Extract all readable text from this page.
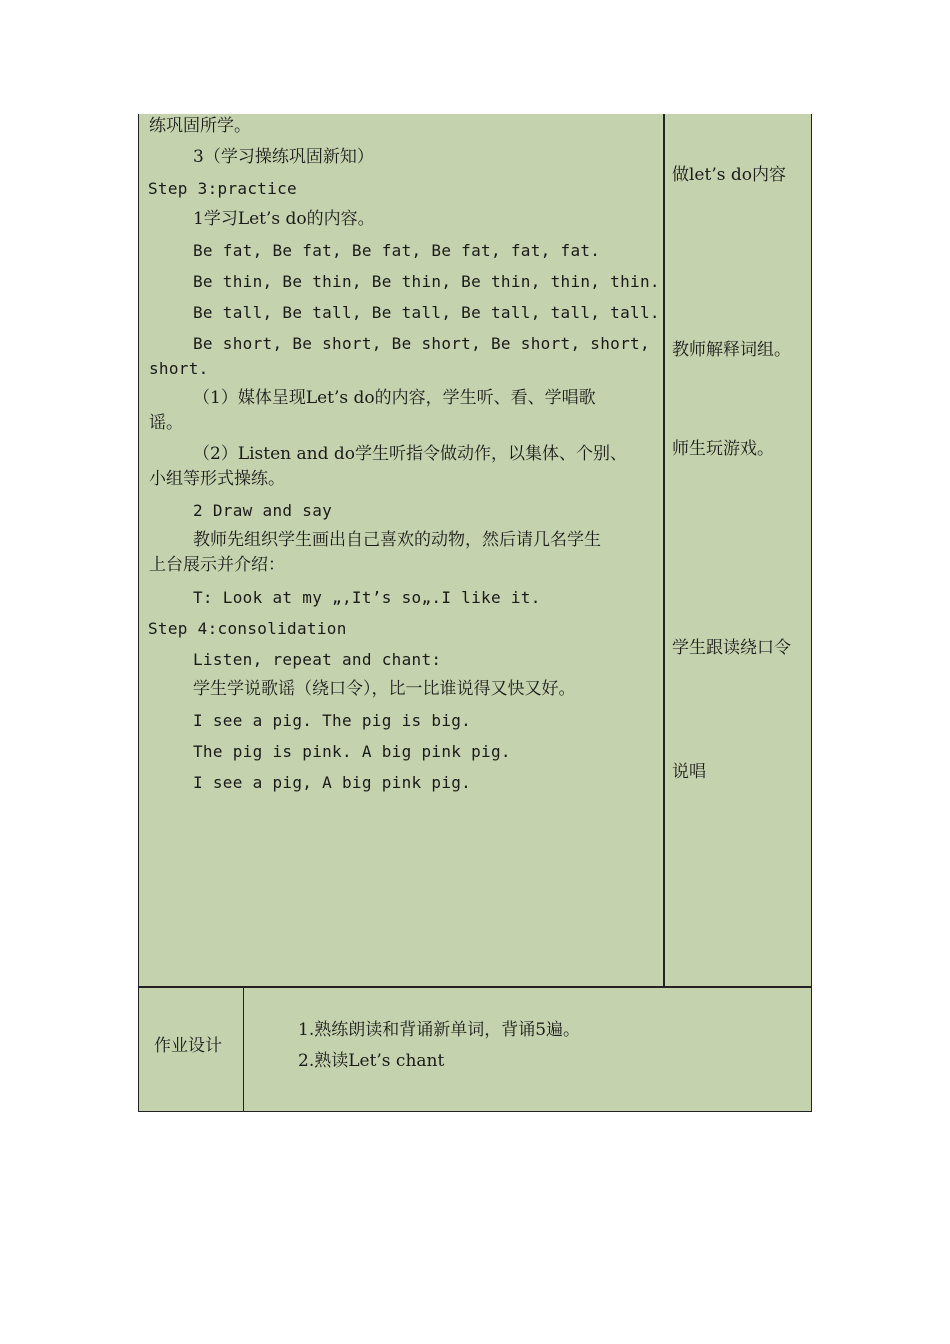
练巩固所学。
3（学习操练巩固新知）
Step 3:practice
1学习Let’s do的内容。
Be fat, Be fat, Be fat, Be fat, fat, fat.
Be thin, Be thin, Be thin, Be thin, thin, thin.
Be tall, Be tall, Be tall, Be tall, tall, tall.
Be short, Be short, Be short, Be short, short,
short.
（1）媒体呈现Let’s do的内容，学生听、看、学唱歌
谣。
（2）Listen and do学生听指令做动作，以集体、个别、
小组等形式操练。
2 Draw and say
教师先组织学生画出自己喜欢的动物，然后请几名学生
上台展示并介绍：
T: Look at my „,It’s so„.I like it.
Step 4:consolidation
Listen, repeat and chant:
学生学说歌谣（绕口令），比一比谁说得又快又好。
I see a pig. The pig is big.
The pig is pink. A big pink pig.
I see a pig, A big pink pig.
做let’s do内容
教师解释词组。
师生玩游戏。
学生跟读绕口令
说唱
作业设计
1.熟练朗读和背诵新单词，背诵5遍。
2.熟读Let’s chant
